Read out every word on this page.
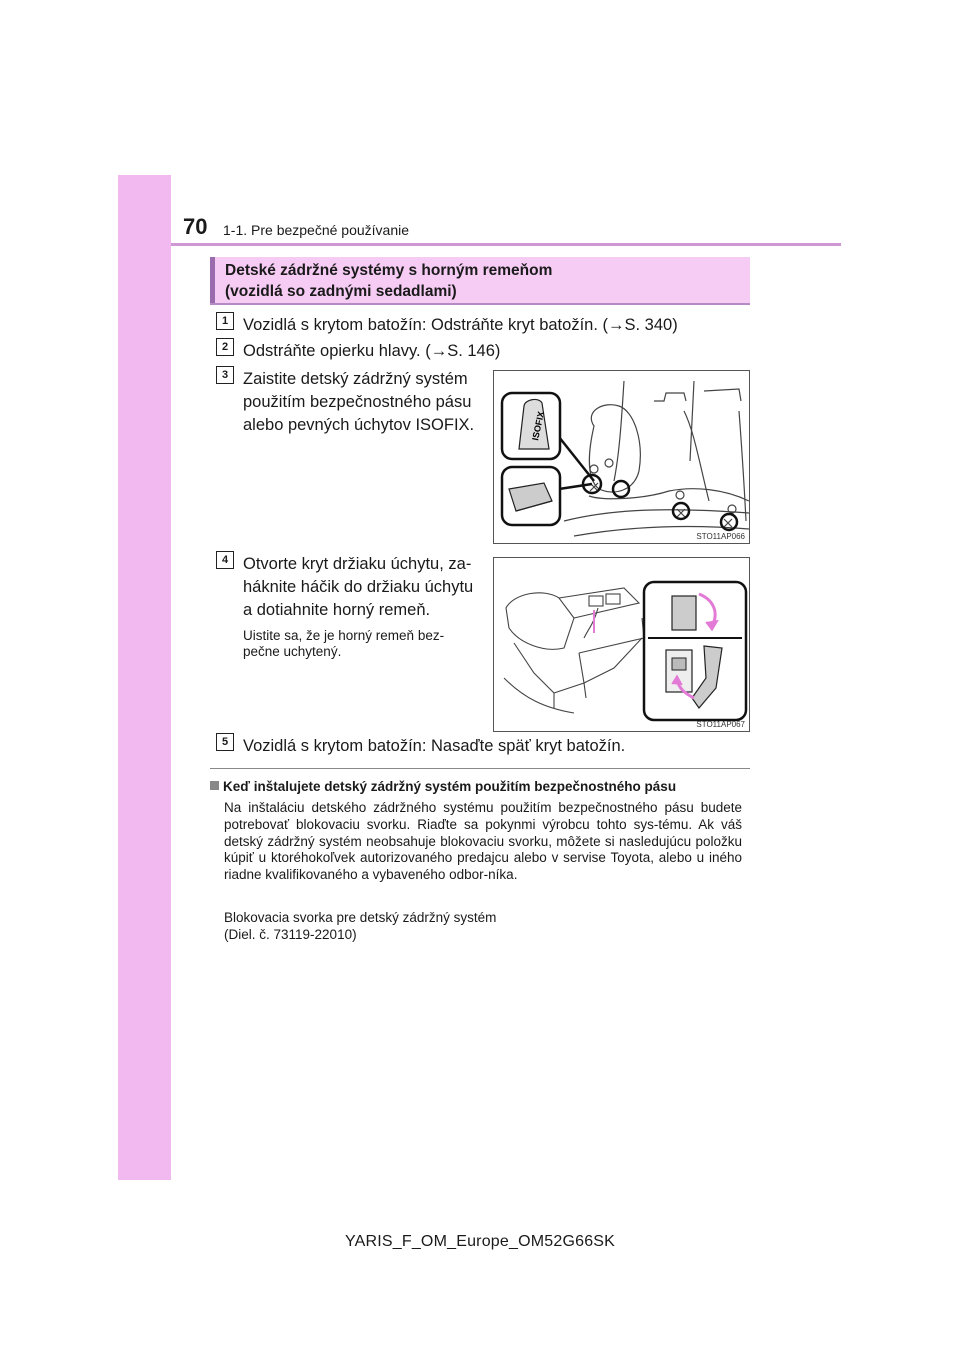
70 1-1. Pre bezpečné používanie
Detské zádržné systémy s horným remeňom
(vozidlá so zadnými sedadlami)
1 Vozidlá s krytom batožín: Odstráňte kryt batožín. (→S. 340)
2 Odstráňte opierku hlavy. (→S. 146)
3 Zaistite detský zádržný systém
použitím bezpečnostného pásu
alebo pevných úchytov ISOFIX.	ISOFIX
STO11AP066
4 Otvorte kryt držiaku úchytu, za-
háknite háčik do držiaku úchytu
a dotiahnite horný remeň.
Uistite sa, že je horný remeň bez-
pečne uchytený.
STO11AP067
5 Vozidlá s krytom batožín: Nasaďte späť kryt batožín.
Keď inštalujete detský zádržný systém použitím bezpečnostného pásu
Na inštaláciu detského zádržného systému použitím bezpečnostného pásu budete potrebovať blokovaciu svorku. Riaďte sa pokynmi výrobcu tohto sys-tému. Ak váš detský zádržný systém neobsahuje blokovaciu svorku, môžete si nasledujúcu položku kúpiť u ktoréhokoľvek autorizovaného predajcu alebo v servise Toyota, alebo u iného riadne kvalifikovaného a vybaveného odbor-níka.
Blokovacia svorka pre detský zádržný systém
(Diel. č. 73119-22010)
YARIS_F_OM_Europe_OM52G66SK
